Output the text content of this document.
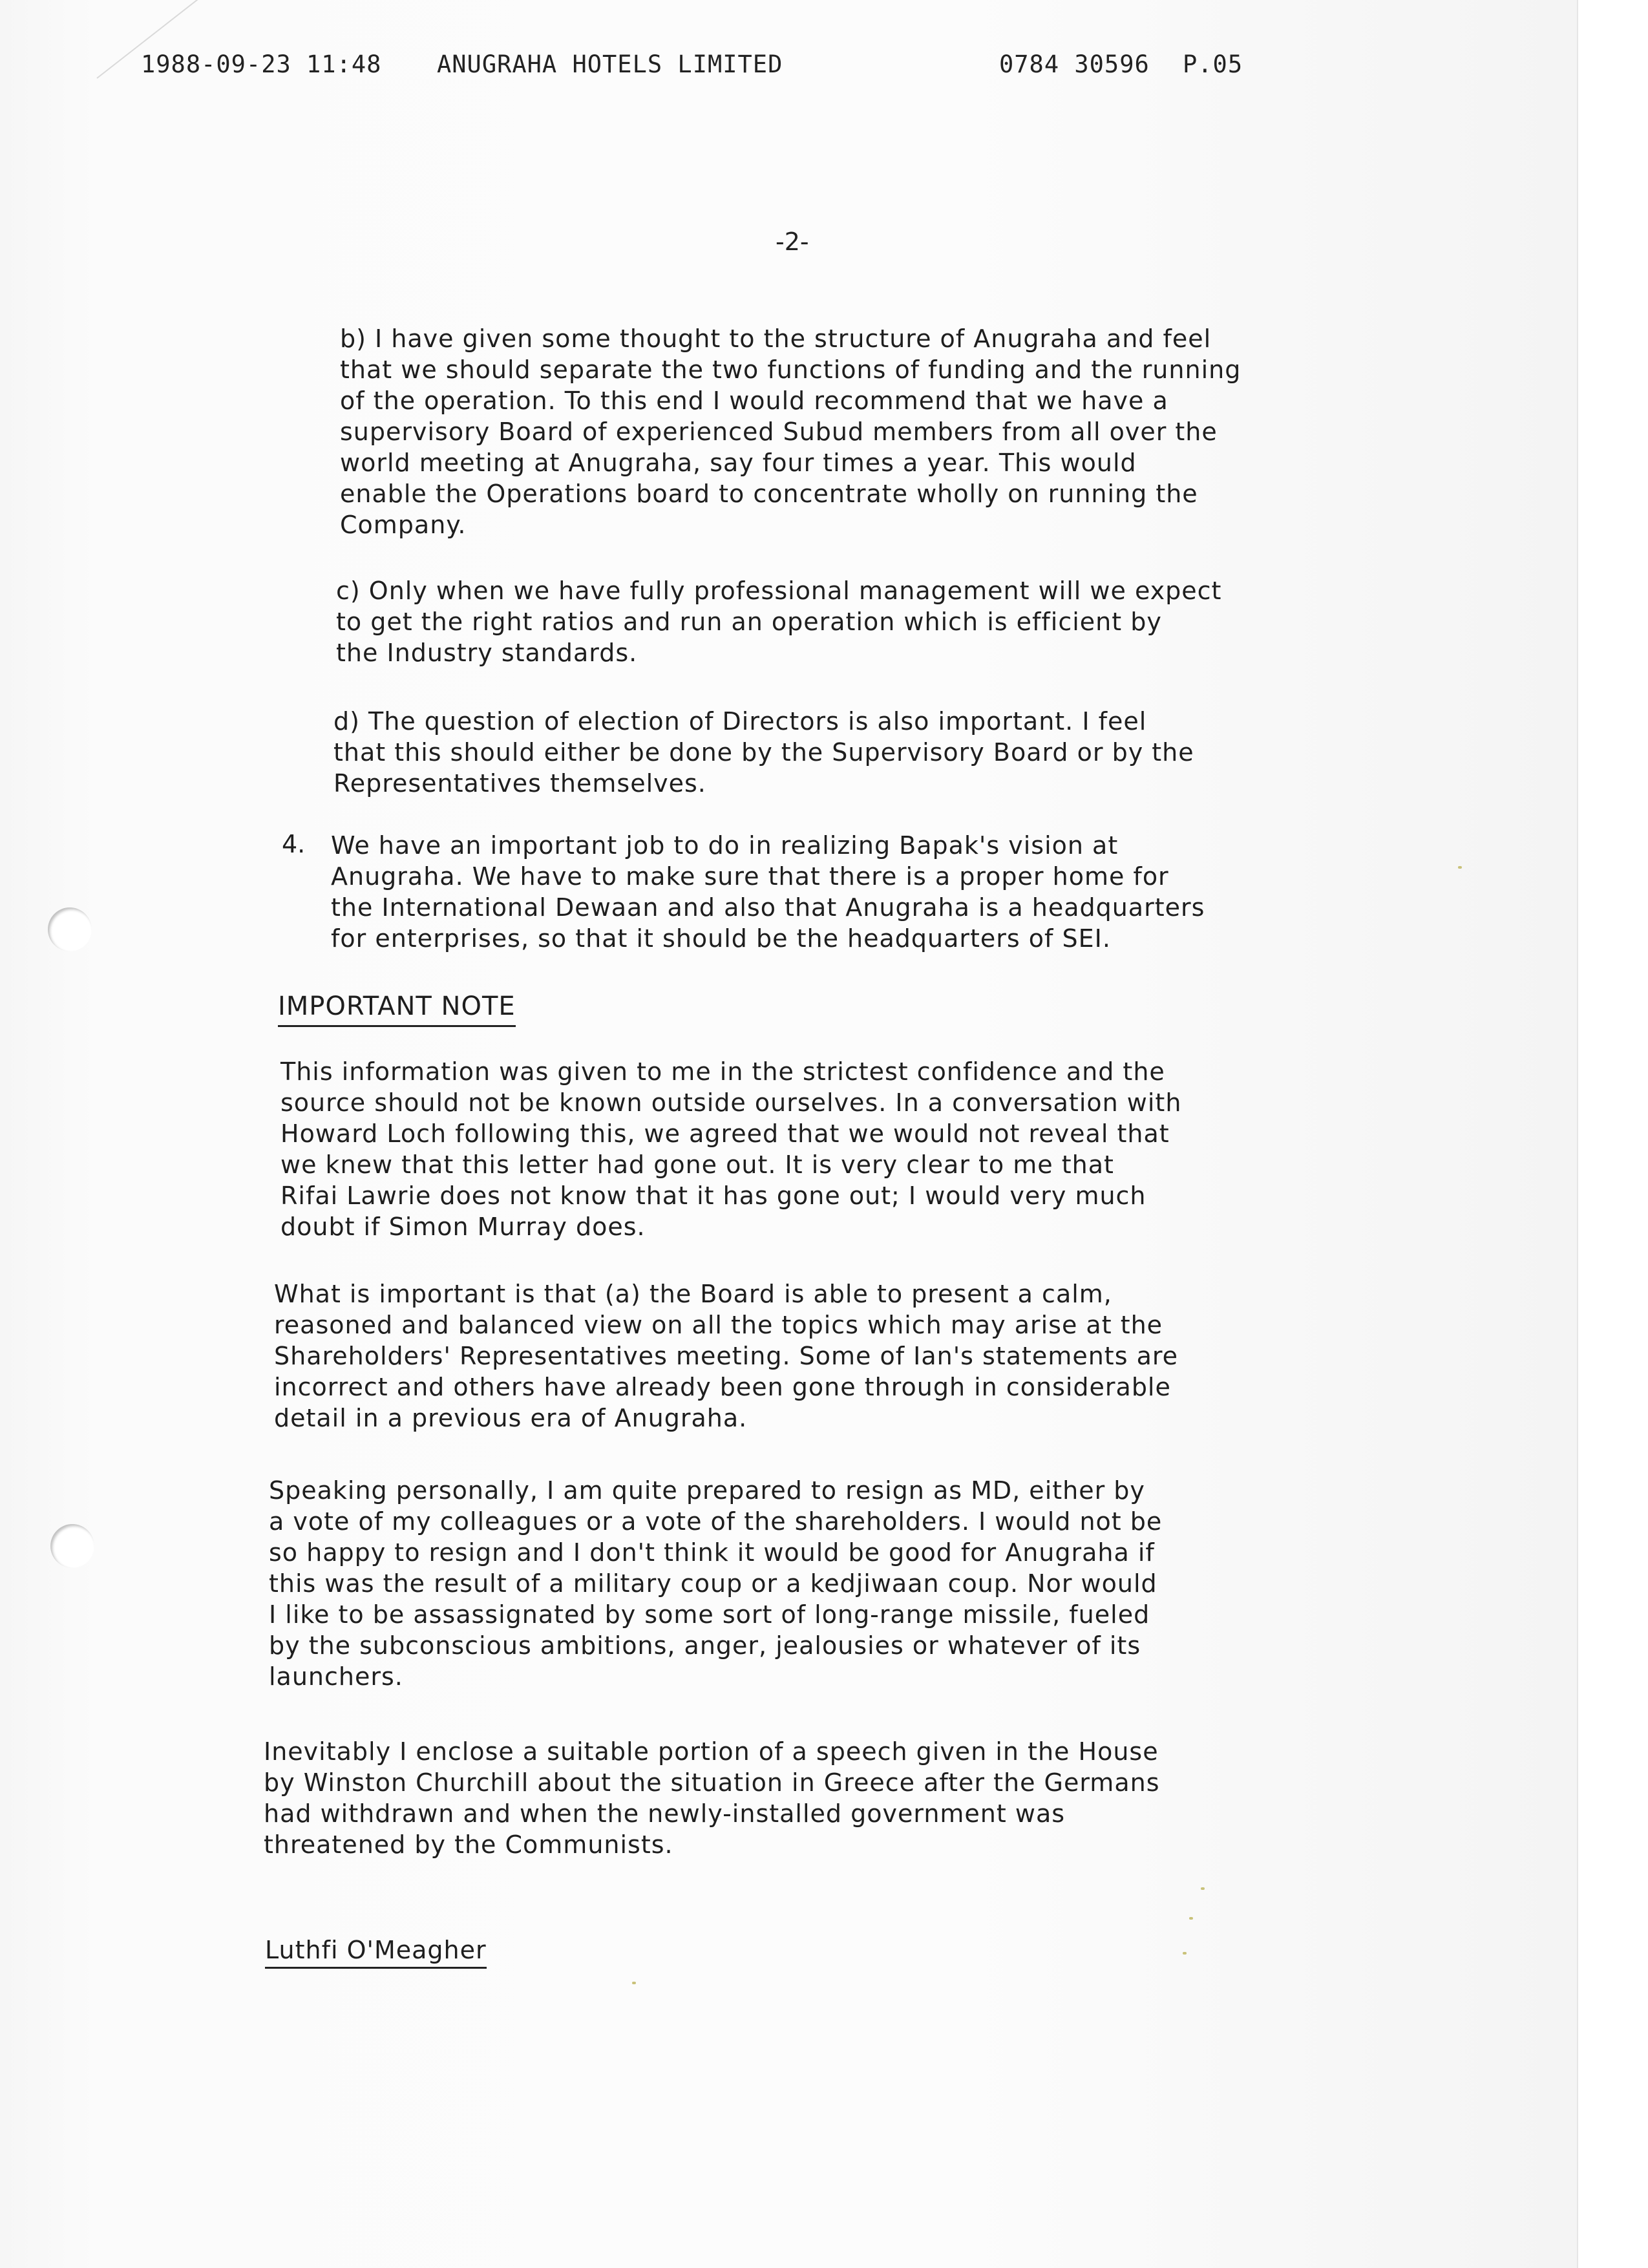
1988-09-23 11:48 ANUGRAHA HOTELS LIMITED	0784 30596 P.05
-2-
b) I have given some thought to the structure of Anugraha and feel
that we should separate the two functions of funding and the running
of the operation. To this end I would recommend that we have a
supervisory Board of experienced Subud members from all over the
world meeting at Anugraha, say four times a year. This would
enable the Operations board to concentrate wholly on running the
Company.
c) Only when we have fully professional management will we expect
to get the right ratios and run an operation which is efficient by
the Industry standards.
d) The question of election of Directors is also important. I feel
that this should either be done by the Supervisory Board or by the
Representatives themselves.
4. We have an important job to do in realizing Bapak's vision at
Anugraha. We have to make sure that there is a proper home for
the International Dewaan and also that Anugraha is a headquarters
for enterprises, so that it should be the headquarters of SEI.
IMPORTANT NOTE
This information was given to me in the strictest confidence and the
source should not be known outside ourselves. In a conversation with
Howard Loch following this, we agreed that we would not reveal that
we knew that this letter had gone out. It is very clear to me that
Rifai Lawrie does not know that it has gone out; I would very much
doubt if Simon Murray does.
What is important is that (a) the Board is able to present a calm,
reasoned and balanced view on all the topics which may arise at the
Shareholders' Representatives meeting. Some of Ian's statements are
incorrect and others have already been gone through in considerable
detail in a previous era of Anugraha.
Speaking personally, I am quite prepared to resign as MD, either by
a vote of my colleagues or a vote of the shareholders. I would not be
so happy to resign and I don't think it would be good for Anugraha if
this was the result of a military coup or a kedjiwaan coup. Nor would
I like to be assassignated by some sort of long-range missile, fueled
by the subconscious ambitions, anger, jealousies or whatever of its
launchers.
Inevitably I enclose a suitable portion of a speech given in the House
by Winston Churchill about the situation in Greece after the Germans
had withdrawn and when the newly-installed government was
threatened by the Communists.
Luthfi O'Meagher
